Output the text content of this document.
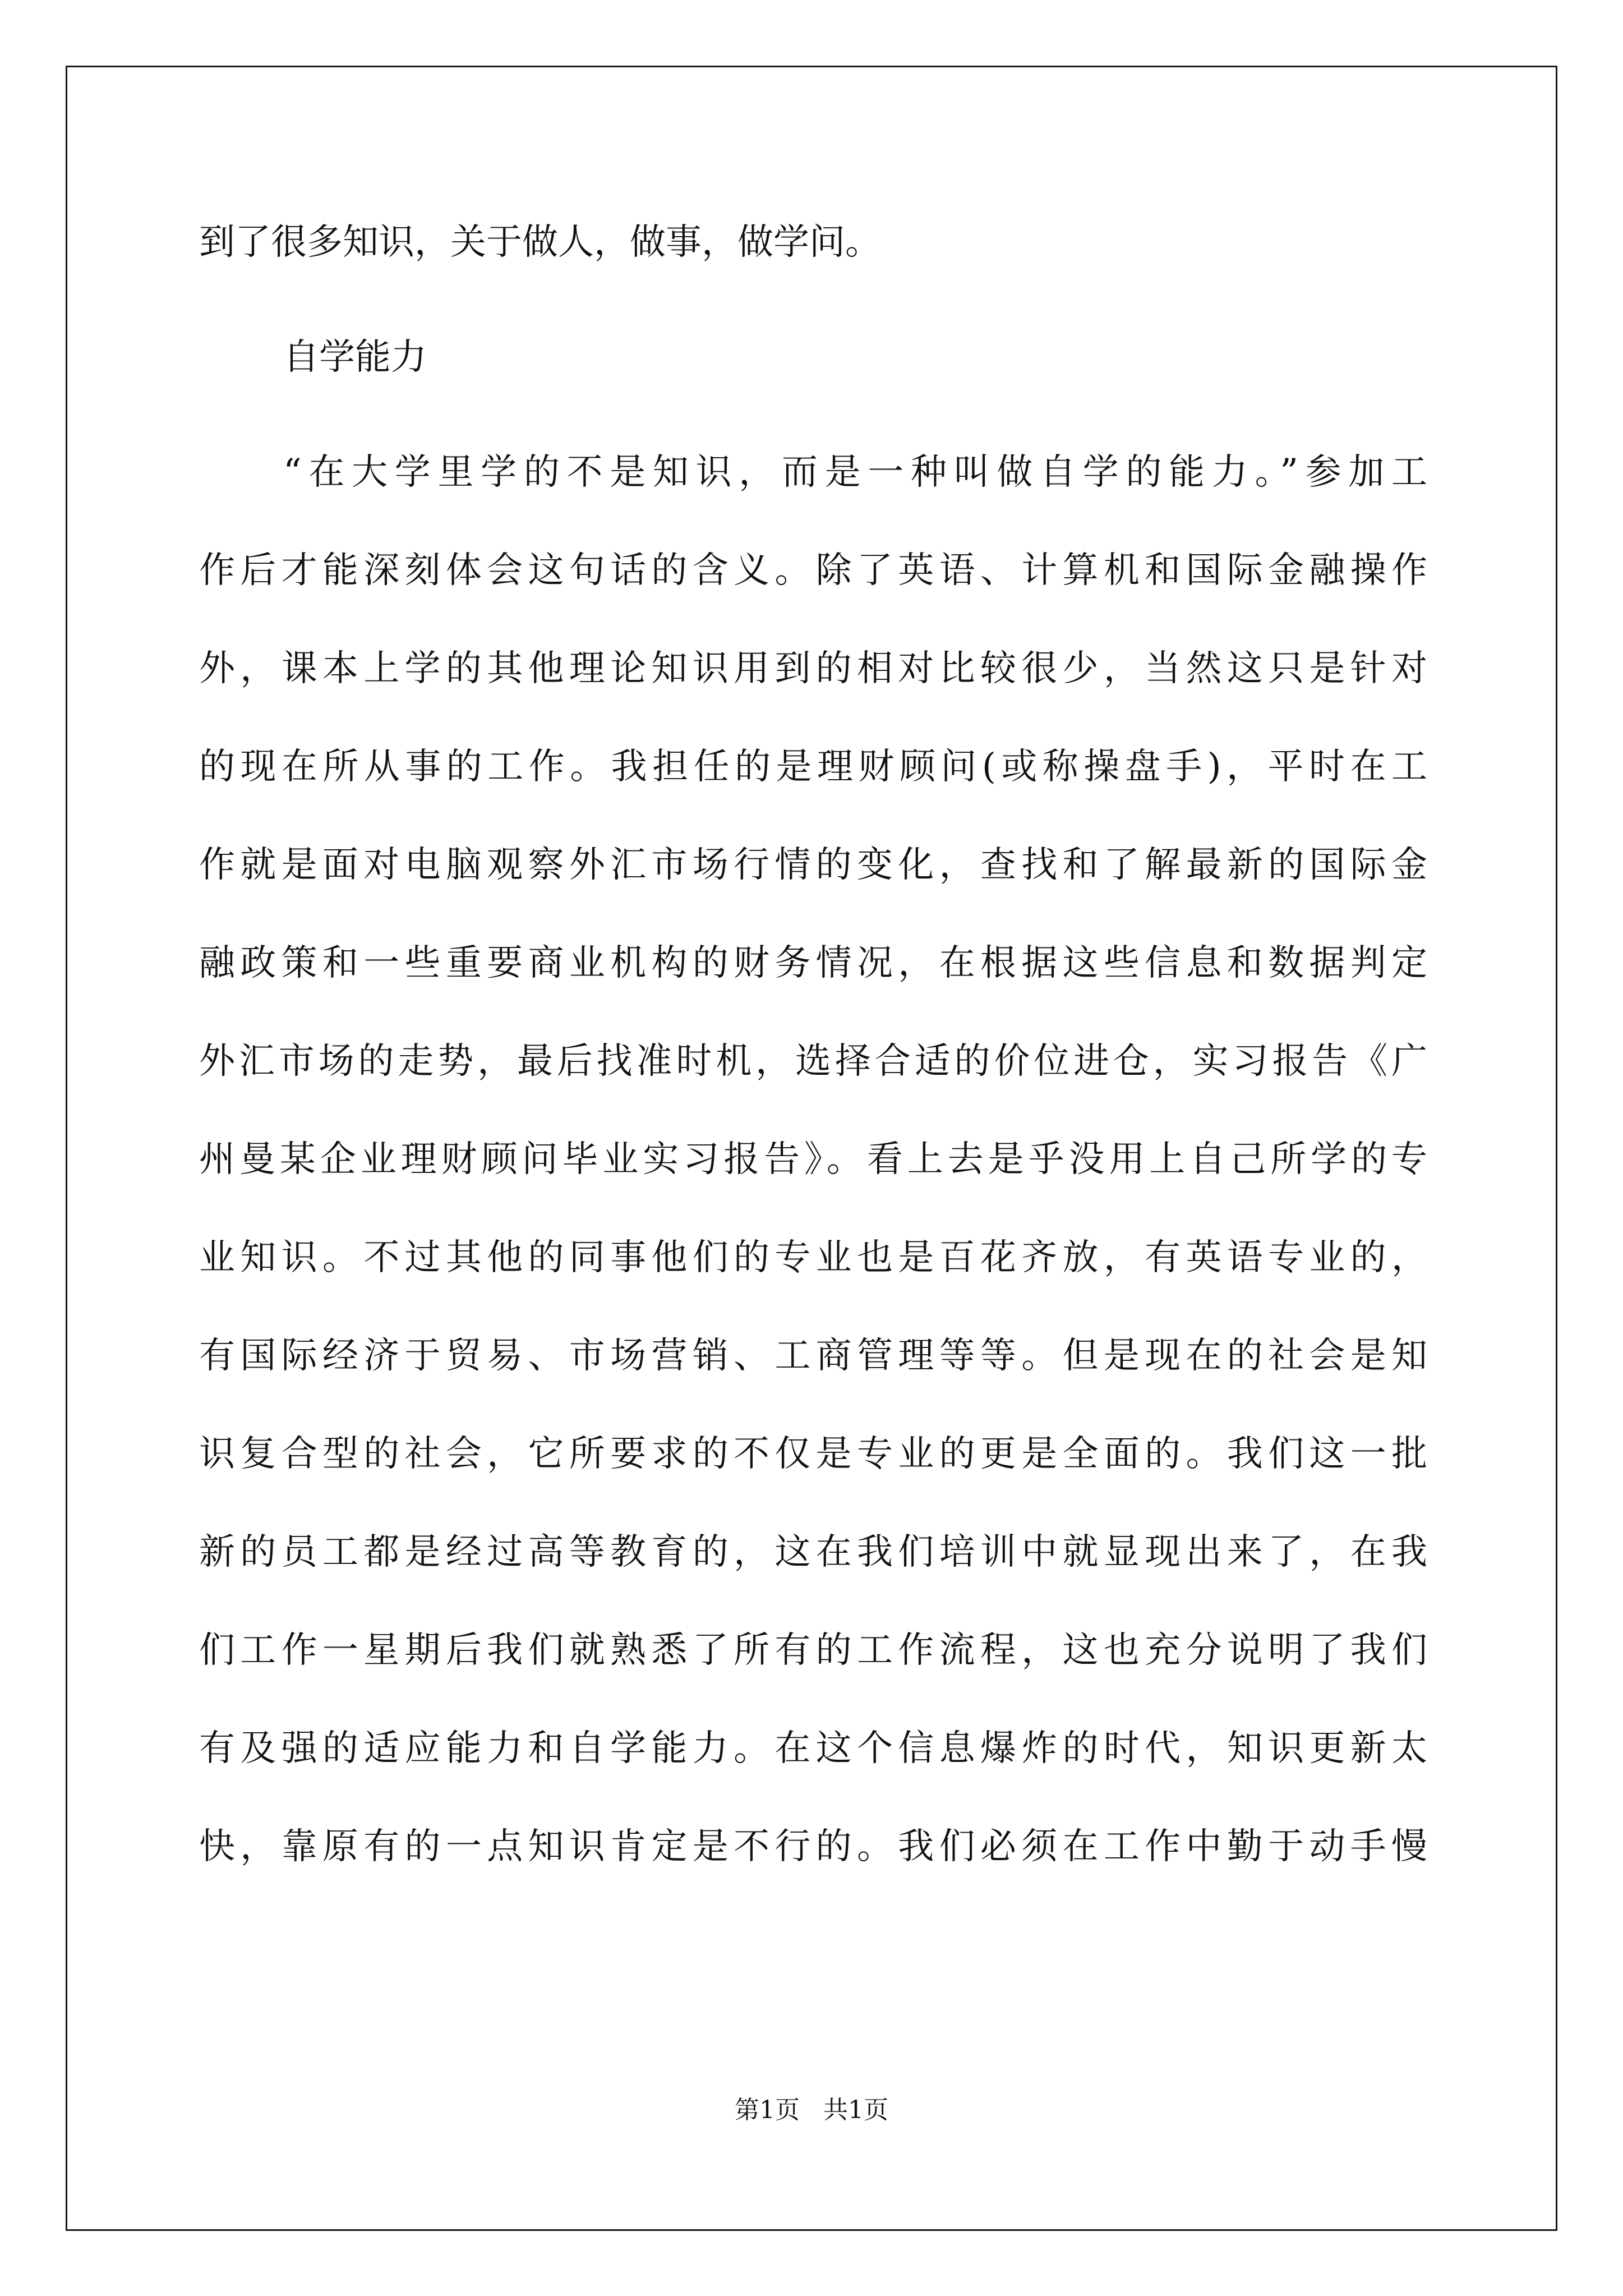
到了很多知识，关于做人，做事，做学问。

自学能力

“在大学里学的不是知识，而是一种叫做自学的能力。”参加工

作后才能深刻体会这句话的含义。除了英语、计算机和国际金融操作

外，课本上学的其他理论知识用到的相对比较很少，当然这只是针对

的现在所从事的工作。我担任的是理财顾问(或称操盘手)，平时在工

作就是面对电脑观察外汇市场行情的变化，查找和了解最新的国际金

融政策和一些重要商业机构的财务情况，在根据这些信息和数据判定

外汇市场的走势，最后找准时机，选择合适的价位进仓，实习报告《广

州曼某企业理财顾问毕业实习报告》。看上去是乎没用上自己所学的专

业知识。不过其他的同事他们的专业也是百花齐放，有英语专业的，

有国际经济于贸易、市场营销、工商管理等等。但是现在的社会是知

识复合型的社会，它所要求的不仅是专业的更是全面的。我们这一批

新的员工都是经过高等教育的，这在我们培训中就显现出来了，在我

们工作一星期后我们就熟悉了所有的工作流程，这也充分说明了我们

有及强的适应能力和自学能力。在这个信息爆炸的时代，知识更新太

快，靠原有的一点知识肯定是不行的。我们必须在工作中勤于动手慢

第1页 共1页
